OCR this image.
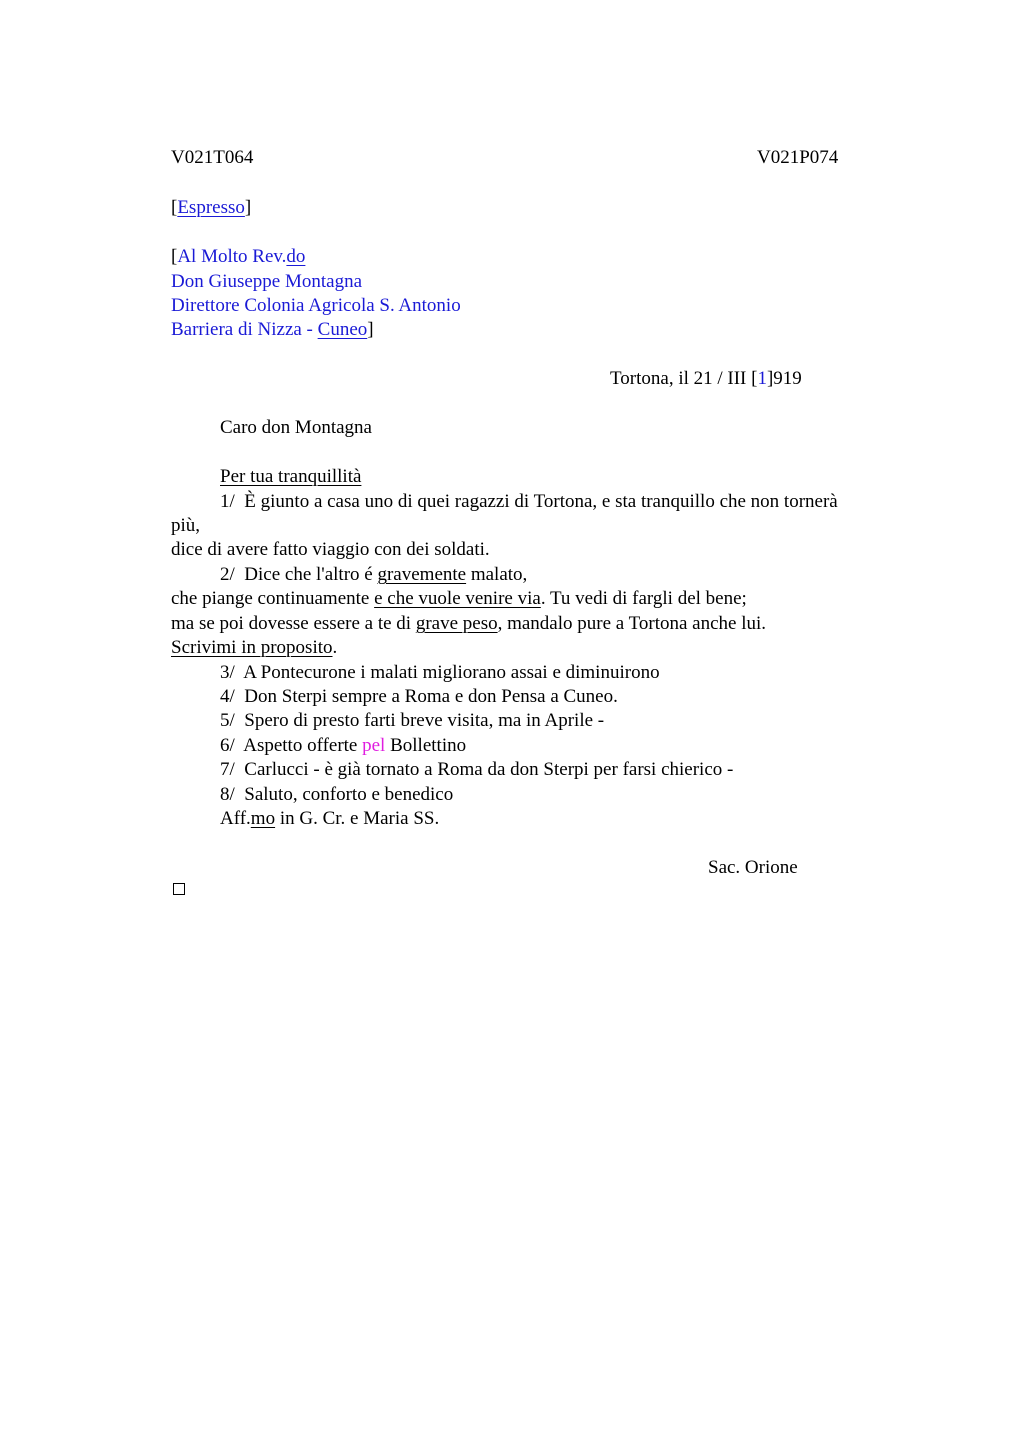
V021T064	V021P074
[Espresso]
[Al Molto Rev.do
Don Giuseppe Montagna
Direttore Colonia Agricola S. Antonio
Barriera di Nizza - Cuneo]
Tortona, il 21 / III [1]919
Caro don Montagna
Per tua tranquillità
1/  È giunto a casa uno di quei ragazzi di Tortona, e sta tranquillo che non tornerà
più,
dice di avere fatto viaggio con dei soldati.
2/  Dice che l'altro é gravemente malato,
che piange continuamente e che vuole venire via. Tu vedi di fargli del bene;
ma se poi dovesse essere a te di grave peso, mandalo pure a Tortona anche lui.
Scrivimi in proposito.
3/  A Pontecurone i malati migliorano assai e diminuirono
4/  Don Sterpi sempre a Roma e don Pensa a Cuneo.
5/  Spero di presto farti breve visita, ma in Aprile -
6/  Aspetto offerte pel Bollettino
7/  Carlucci - è già tornato a Roma da don Sterpi per farsi chierico -
8/  Saluto, conforto e benedico
Aff.mo in G. Cr. e Maria SS.
Sac. Orione
